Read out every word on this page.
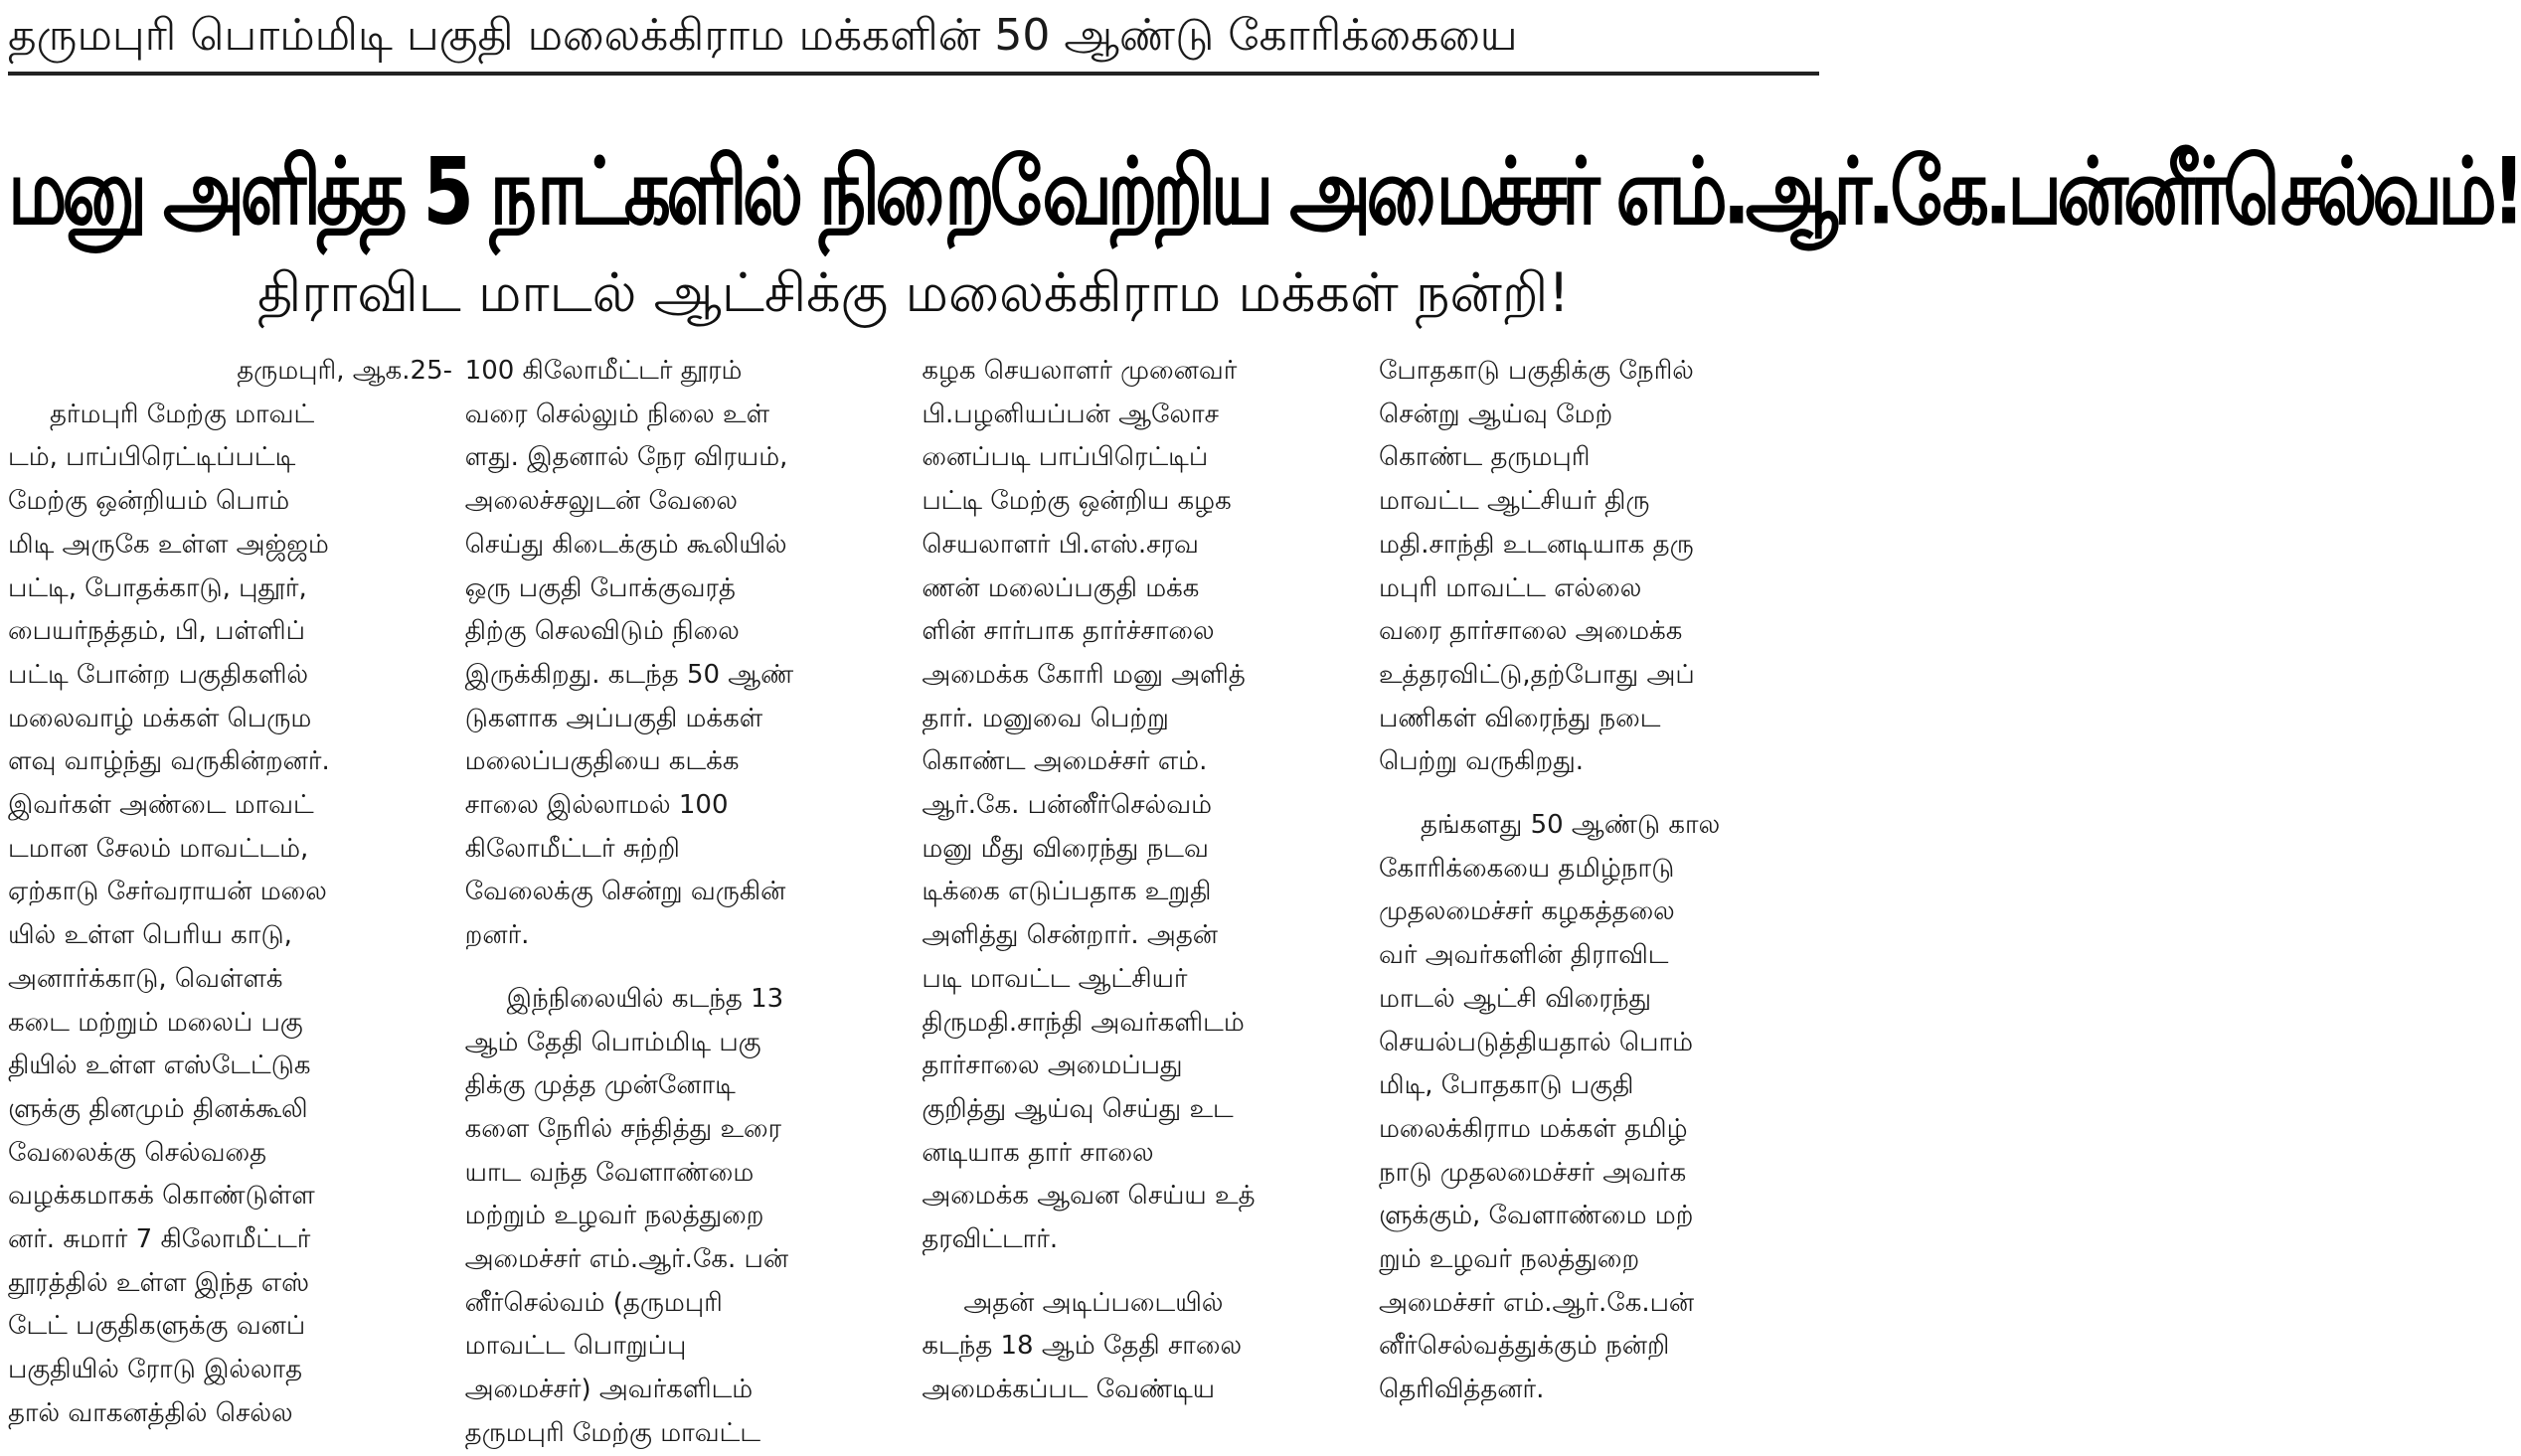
தருமபுரி பொம்மிடி பகுதி மலைக்கிராம மக்களின் 50 ஆண்டு கோரிக்கையை
மனு அளித்த 5 நாட்களில் நிறைவேற்றிய அமைச்சர் எம்.ஆர்.கே.பன்னீர்செல்வம்!
திராவிட மாடல் ஆட்சிக்கு மலைக்கிராம மக்கள் நன்றி!
தருமபுரி, ஆக.25-
தர்மபுரி மேற்கு மாவட்
டம், பாப்பிரெட்டிப்பட்டி
மேற்கு ஒன்றியம் பொம்
மிடி அருகே உள்ள அஜ்ஜம்
பட்டி, போதக்காடு, புதூர்,
பையர்நத்தம், பி, பள்ளிப்
பட்டி போன்ற பகுதிகளில்
மலைவாழ் மக்கள் பெரும
ளவு வாழ்ந்து வருகின்றனர்.
இவர்கள் அண்டை மாவட்
டமான சேலம் மாவட்டம்,
ஏற்காடு சேர்வராயன் மலை
யில் உள்ள பெரிய காடு,
அனார்க்காடு, வெள்ளக்
கடை மற்றும் மலைப் பகு
தியில் உள்ள எஸ்டேட்டுக
ளுக்கு தினமும் தினக்கூலி
வேலைக்கு செல்வதை
வழக்கமாகக் கொண்டுள்ள
னர். சுமார் 7 கிலோமீட்டர்
தூரத்தில் உள்ள இந்த எஸ்
டேட் பகுதிகளுக்கு வனப்
பகுதியில் ரோடு இல்லாத
தால் வாகனத்தில் செல்ல
100 கிலோமீட்டர் தூரம்
வரை செல்லும் நிலை உள்
ளது. இதனால் நேர விரயம்,
அலைச்சலுடன் வேலை
செய்து கிடைக்கும் கூலியில்
ஒரு பகுதி போக்குவரத்
திற்கு செலவிடும் நிலை
இருக்கிறது. கடந்த 50 ஆண்
டுகளாக அப்பகுதி மக்கள்
மலைப்பகுதியை கடக்க
சாலை இல்லாமல் 100
கிலோமீட்டர் சுற்றி
வேலைக்கு சென்று வருகின்
றனர்.
இந்நிலையில் கடந்த 13
ஆம் தேதி பொம்மிடி பகு
திக்கு முத்த முன்னோடி
களை நேரில் சந்தித்து உரை
யாட வந்த வேளாண்மை
மற்றும் உழவர் நலத்துறை
அமைச்சர் எம்.ஆர்.கே. பன்
னீர்செல்வம் (தருமபுரி
மாவட்ட பொறுப்பு
அமைச்சர்) அவர்களிடம்
தருமபுரி மேற்கு மாவட்ட
கழக செயலாளர் முனைவர்
பி.பழனியப்பன் ஆலோச
னைப்படி பாப்பிரெட்டிப்
பட்டி மேற்கு ஒன்றிய கழக
செயலாளர் பி.எஸ்.சரவ
ணன் மலைப்பகுதி மக்க
ளின் சார்பாக தார்ச்சாலை
அமைக்க கோரி மனு அளித்
தார். மனுவை பெற்று
கொண்ட அமைச்சர் எம்.
ஆர்.கே. பன்னீர்செல்வம்
மனு மீது விரைந்து நடவ
டிக்கை எடுப்பதாக உறுதி
அளித்து சென்றார். அதன்
படி மாவட்ட ஆட்சியர்
திருமதி.சாந்தி அவர்களிடம்
தார்சாலை அமைப்பது
குறித்து ஆய்வு செய்து உட
னடியாக தார் சாலை
அமைக்க ஆவன செய்ய உத்
தரவிட்டார்.
அதன் அடிப்படையில்
கடந்த 18 ஆம் தேதி சாலை
அமைக்கப்பட வேண்டிய
போதகாடு பகுதிக்கு நேரில்
சென்று ஆய்வு மேற்
கொண்ட தருமபுரி
மாவட்ட ஆட்சியர் திரு
மதி.சாந்தி உடனடியாக தரு
மபுரி மாவட்ட எல்லை
வரை தார்சாலை அமைக்க
உத்தரவிட்டு,தற்போது அப்
பணிகள் விரைந்து நடை
பெற்று வருகிறது.
தங்களது 50 ஆண்டு கால
கோரிக்கையை தமிழ்நாடு
முதலமைச்சர் கழகத்தலை
வர் அவர்களின் திராவிட
மாடல் ஆட்சி விரைந்து
செயல்படுத்தியதால் பொம்
மிடி, போதகாடு பகுதி
மலைக்கிராம மக்கள் தமிழ்
நாடு முதலமைச்சர் அவர்க
ளுக்கும், வேளாண்மை மற்
றும் உழவர் நலத்துறை
அமைச்சர் எம்.ஆர்.கே.பன்
னீர்செல்வத்துக்கும் நன்றி
தெரிவித்தனர்.
